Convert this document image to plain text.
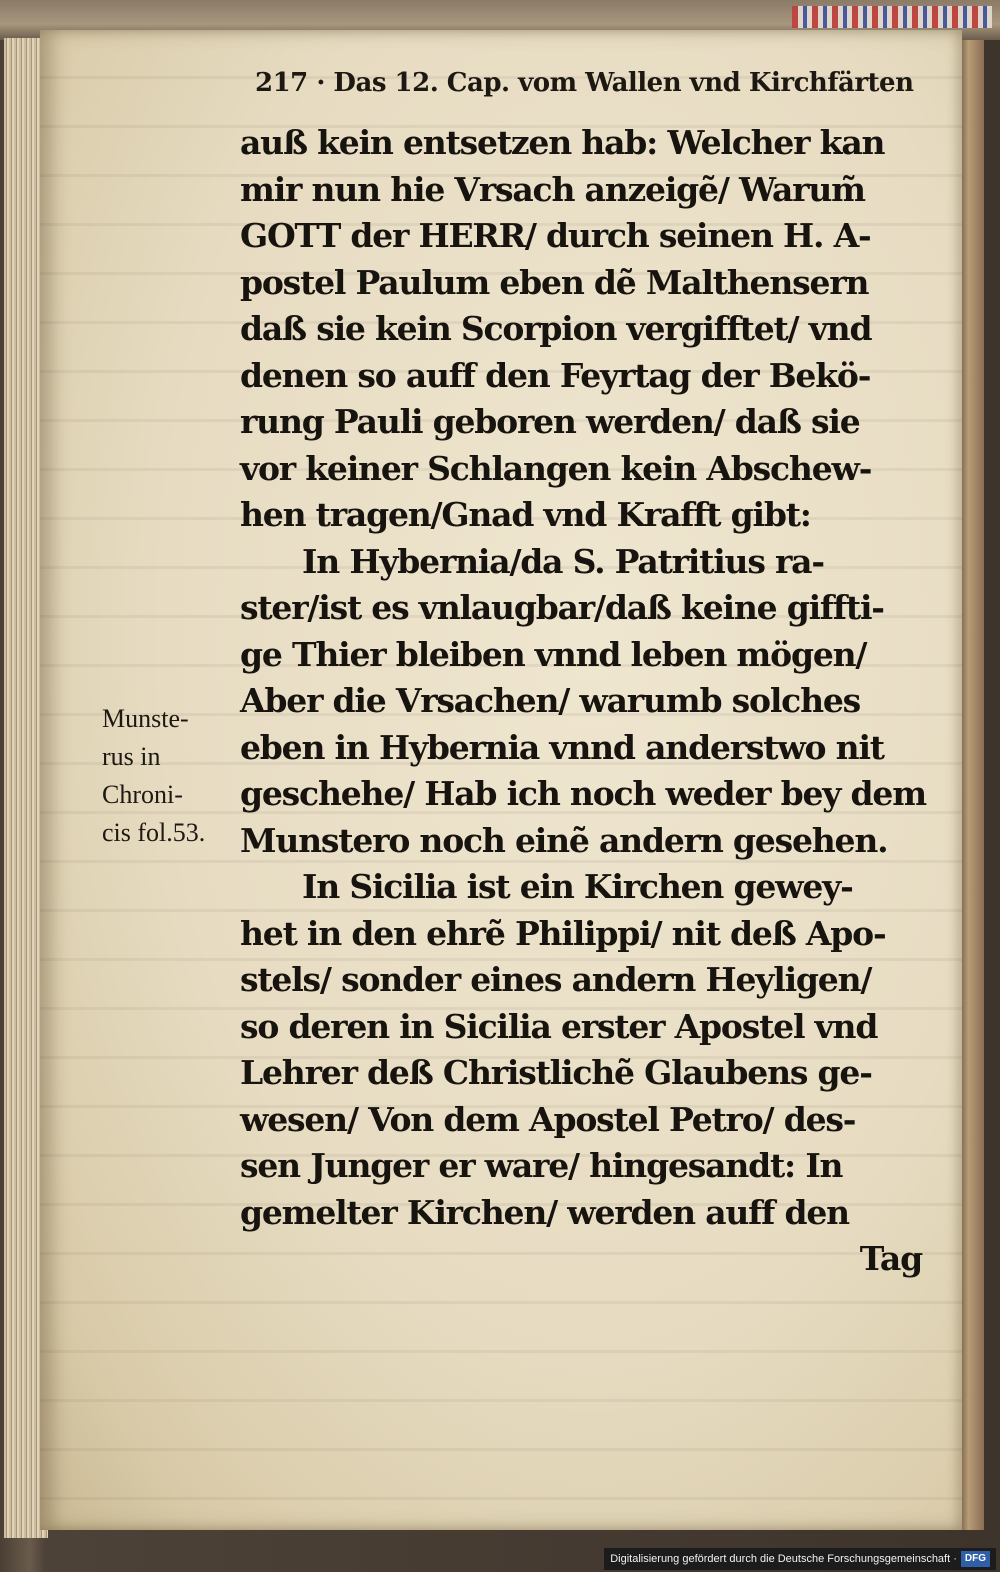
217 · Das 12. Cap. vom Wallen vnd Kirchfärten
auß kein entsetzen hab: Welcher kan
mir nun hie Vrsach anzeigẽ/ Warum̃
GOTT der HERR/ durch seinen H. A-
postel Paulum eben dẽ Malthensern
daß sie kein Scorpion vergifftet/ vnd
denen so auff den Feyrtag der Bekö-
rung Pauli geboren werden/ daß sie
vor keiner Schlangen kein Abschew-
hen tragen/Gnad vnd Krafft gibt:
In Hybernia/da S. Patritius ra-
ster/ist es vnlaugbar/daß keine giffti-
ge Thier bleiben vnnd leben mögen/
Aber die Vrsachen/ warumb solches
eben in Hybernia vnnd anderstwo nit
geschehe/ Hab ich noch weder bey dem
Munstero noch einẽ andern gesehen.
In Sicilia ist ein Kirchen gewey-
het in den ehrẽ Philippi/ nit deß Apo-
stels/ sonder eines andern Heyligen/
so deren in Sicilia erster Apostel vnd
Lehrer deß Christlichẽ Glaubens ge-
wesen/ Von dem Apostel Petro/ des-
sen Junger er ware/ hingesandt: In
gemelter Kirchen/ werden auff den
Tag
Munste-
rus in
Chroni-
cis fol.53.
Digitalisierung gefördert durch die Deutsche Forschungsgemeinschaft · DFG
